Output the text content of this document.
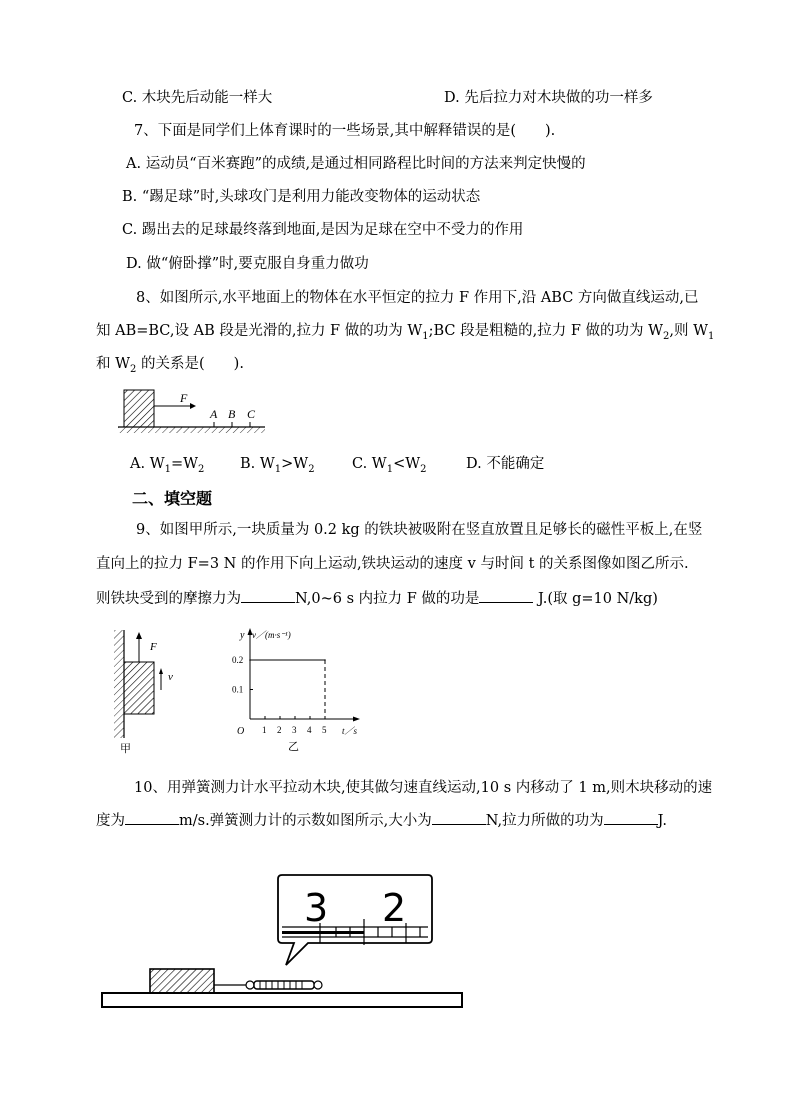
C. 木块先后动能一样大	D. 先后拉力对木块做的功一样多
7、下面是同学们上体育课时的一些场景,其中解释错误的是(　　).
A. 运动员“百米赛跑”的成绩,是通过相同路程比时间的方法来判定快慢的
B. “踢足球”时,头球攻门是利用力能改变物体的运动状态
C. 踢出去的足球最终落到地面,是因为足球在空中不受力的作用
D. 做“俯卧撑”时,要克服自身重力做功
8、如图所示,水平地面上的物体在水平恒定的拉力 F 作用下,沿 ABC 方向做直线运动,已
知 AB=BC,设 AB 段是光滑的,拉力 F 做的功为 $W_1;BC$ 段是粗糙的,拉力 F 做的功为 $W_2$,则 $W_1$
和 $W_2$ 的关系是(　　).
F
A B C
A. $W_1=W_2$ B. $W_1>W_2$	C. $W_1<W_2$	D. 不能确定
二、填空题
9、如图甲所示,一块质量为 0.2 kg 的铁块被吸附在竖直放置且足够长的磁性平板上,在竖
直向上的拉力 F=3 N 的作用下向上运动,铁块运动的速度 v 与时间 t 的关系图像如图乙所示.
则铁块受到的摩擦力为	N,0~6 s 内拉力 F 做的功是	J.(取 g=10 N/kg)
F
v
甲
y v／(m·s⁻¹)
O	t／s
1 2 3 4 5
0.1
0.2
乙
10、用弹簧测力计水平拉动木块,使其做匀速直线运动,10 s 内移动了 1 m,则木块移动的速
度为	m/s.弹簧测力计的示数如图所示,大小为	N,拉力所做的功为	J.
3 2
